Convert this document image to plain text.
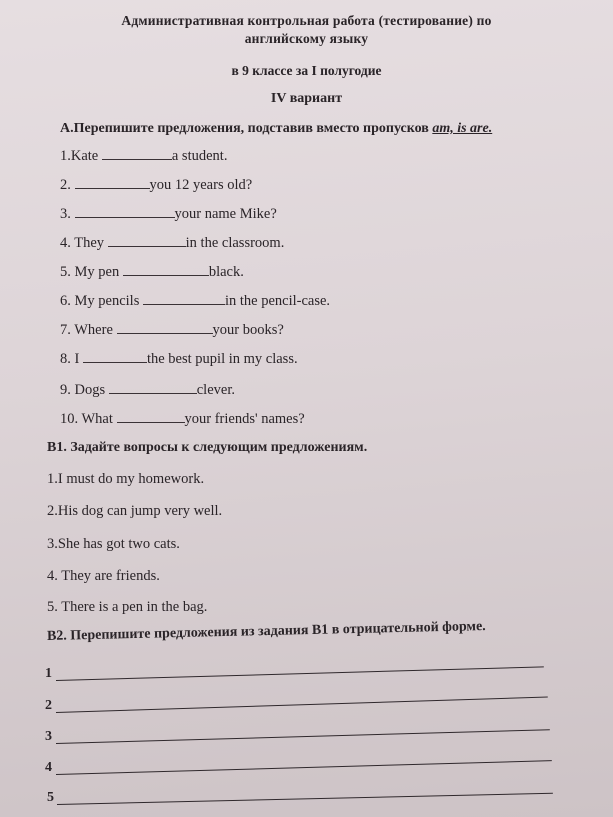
Административная контрольная работа (тестирование) по
английскому языку
в 9 классе за I полугодие
IV вариант
А.Перепишите предложения, подставив вместо пропусков am, is are.
1.Kate	a student.
2.	you 12 years old?
3.	your name Mike?
4. They	in the classroom.
5. My pen	black.
6. My pencils	in the pencil-case.
7. Where	your books?
8. I	the best pupil in my class.
9. Dogs	clever.
10. What	your friends' names?
B1. Задайте вопросы к следующим предложениям.
1.I must do my homework.
2.His dog can jump very well.
3.She has got two cats.
4. They are friends.
5. There is a pen in the bag.
B2. Перепишите предложения из задания B1 в отрицательной форме.
1
2
3
4
5
